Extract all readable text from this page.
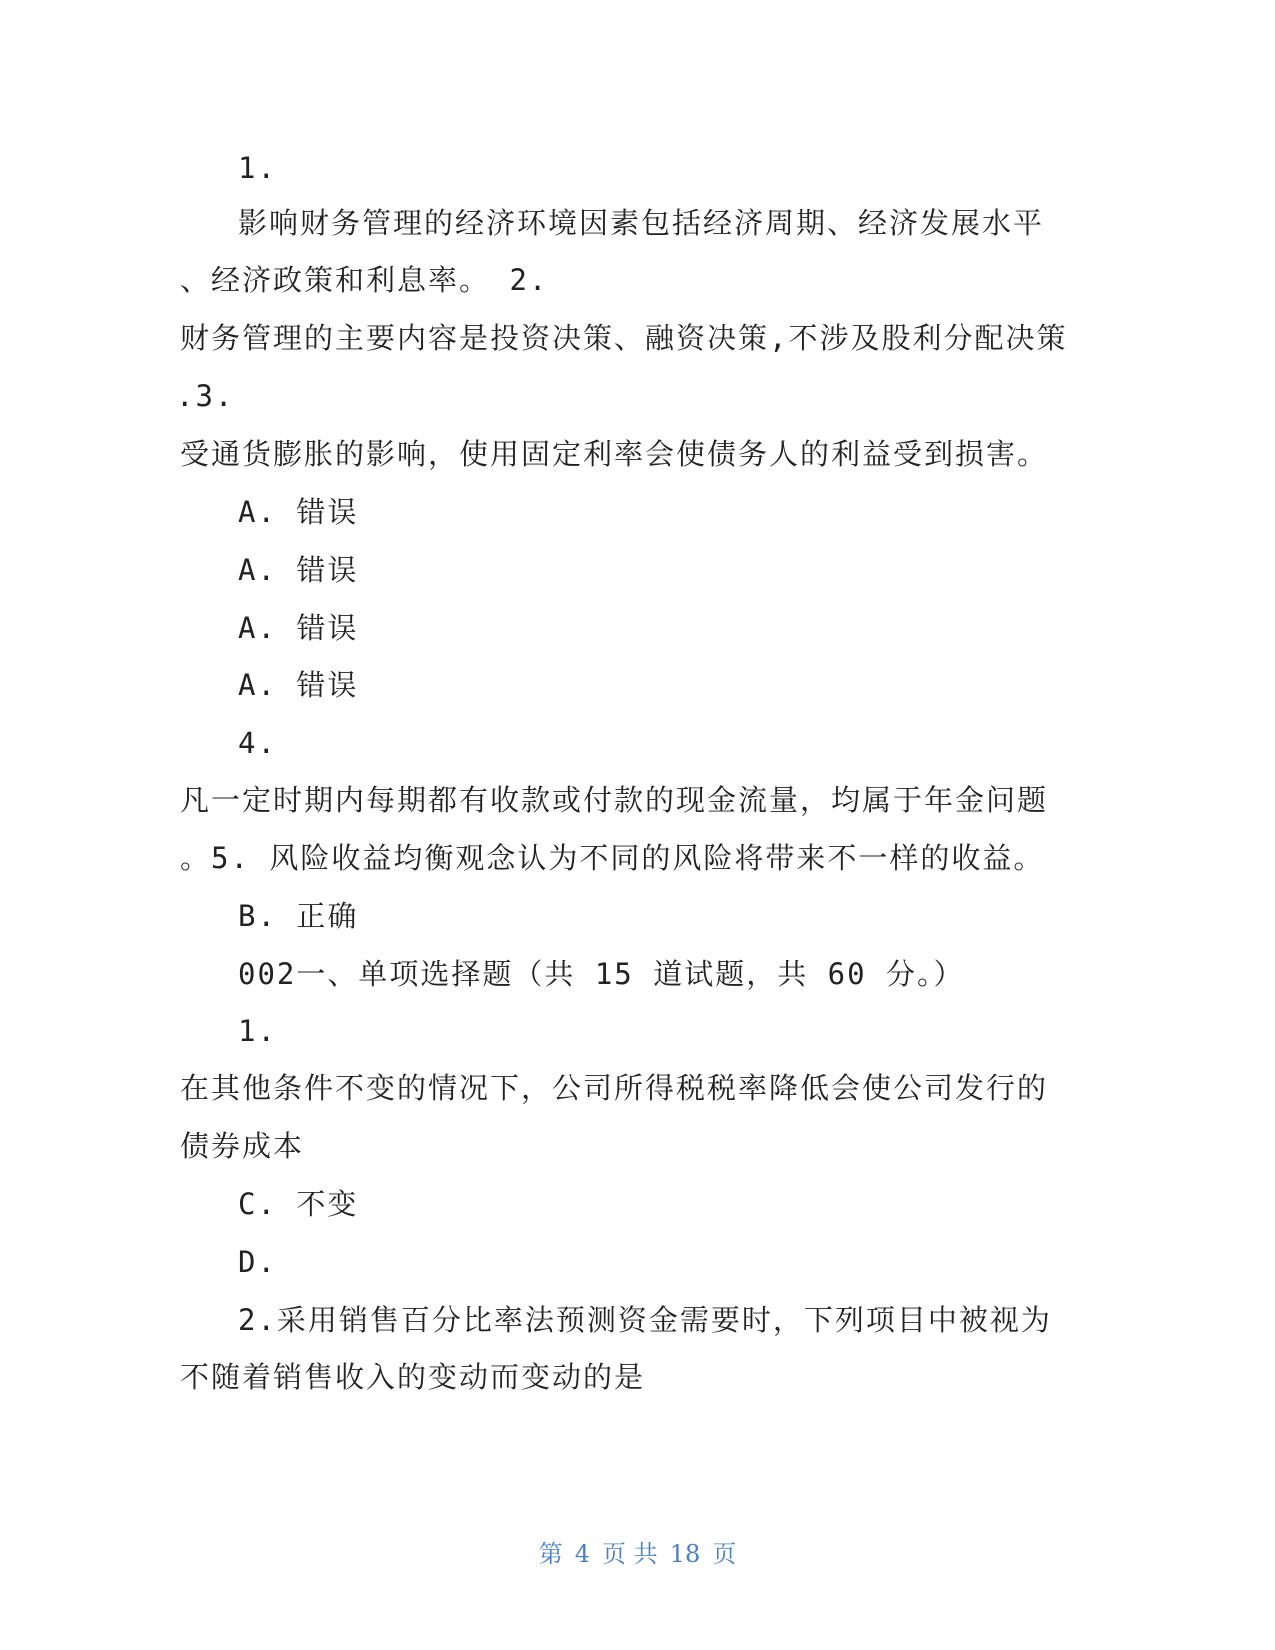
1.
影响财务管理的经济环境因素包括经济周期、经济发展水平
、经济政策和利息率。 2.
财务管理的主要内容是投资决策、融资决策,不涉及股利分配决策
.3.
受通货膨胀的影响，使用固定利率会使债务人的利益受到损害。
A. 错误
A. 错误
A. 错误
A. 错误
4.
凡一定时期内每期都有收款或付款的现金流量，均属于年金问题
。5. 风险收益均衡观念认为不同的风险将带来不一样的收益。
B. 正确
002一、单项选择题（共 15 道试题，共 60 分。）
1.
在其他条件不变的情况下，公司所得税税率降低会使公司发行的
债券成本
C. 不变
D.
2.采用销售百分比率法预测资金需要时，下列项目中被视为
不随着销售收入的变动而变动的是
第 4 页 共 18 页
